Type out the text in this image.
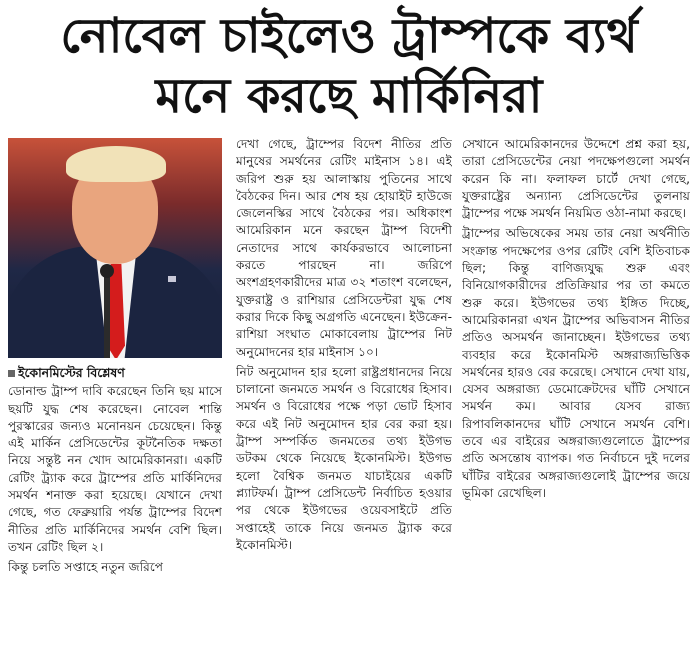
নোবেল চাইলেও ট্রাম্পকে ব্যর্থ
মনে করছে মার্কিনিরা

ইকোনমিস্টের বিশ্লেষণ

ডোনাল্ড ট্রাম্প দাবি করেছেন তিনি ছয় মাসে ছয়টি যুদ্ধ শেষ করেছেন। নোবেল শান্তি পুরস্কারের জন্যও মনোনয়ন চেয়েছেন। কিন্তু এই মার্কিন প্রেসিডেন্টের কূটনৈতিক দক্ষতা নিয়ে সন্তুষ্ট নন খোদ আমেরিকানরা। একটি রেটিং ট্র্যাক করে ট্রাম্পের প্রতি মার্কিনিদের সমর্থন শনাক্ত করা হয়েছে। যেখানে দেখা গেছে, গত ফেব্রুয়ারি পর্যন্ত ট্রাম্পের বিদেশ নীতির প্রতি মার্কিনিদের সমর্থন বেশি ছিল। তখন রেটিং ছিল ২।

কিন্তু চলতি সপ্তাহে নতুন জরিপে

দেখা গেছে, ট্রাম্পের বিদেশ নীতির প্রতি মানুষের সমর্থনের রেটিং মাইনাস ১৪। এই জরিপ শুরু হয় আলাস্কায় পুতিনের সাথে বৈঠকের দিন। আর শেষ হয় হোয়াইট হাউজে জেলেনস্কির সাথে বৈঠকের পর। অধিকাংশ আমেরিকান মনে করছেন ট্রাম্প বিদেশী নেতাদের সাথে কার্যকরভাবে আলোচনা করতে পারছেন না। জরিপে অংশগ্রহণকারীদের মাত্র ৩২ শতাংশ বলেছেন, যুক্তরাষ্ট্র ও রাশিয়ার প্রেসিডেন্টরা যুদ্ধ শেষ করার দিকে কিছু অগ্রগতি এনেছেন। ইউক্রেন-রাশিয়া সংঘাত মোকাবেলায় ট্রাম্পের নিট অনুমোদনের হার মাইনাস ১০।

নিট অনুমোদন হার হলো রাষ্ট্রপ্রধানদের নিয়ে চালানো জনমতে সমর্থন ও বিরোধের হিসাব। সমর্থন ও বিরোধের পক্ষে পড়া ভোট হিসাব করে এই নিট অনুমোদন হার বের করা হয়। ট্রাম্প সম্পর্কিত জনমতের তথ্য ইউগভ ডটকম থেকে নিয়েছে ইকোনমিস্ট। ইউগভ হলো বৈশ্বিক জনমত যাচাইয়ের একটি প্ল্যাটফর্ম। ট্রাম্প প্রেসিডেন্ট নির্বাচিত হওয়ার পর থেকে ইউগভের ওয়েবসাইটে প্রতি সপ্তাহেই তাকে নিয়ে জনমত ট্র্যাক করে ইকোনমিস্ট।

সেখানে আমেরিকানদের উদ্দেশে প্রশ্ন করা হয়, তারা প্রেসিডেন্টের নেয়া পদক্ষেপগুলো সমর্থন করেন কি না। ফলাফল চার্টে দেখা গেছে, যুক্তরাষ্ট্রের অন্যান্য প্রেসিডেন্টের তুলনায় ট্রাম্পের পক্ষে সমর্থন নিয়মিত ওঠা-নামা করছে।

ট্রাম্পের অভিষেকের সময় তার নেয়া অর্থনীতি সংক্রান্ত পদক্ষেপের ওপর রেটিং বেশি ইতিবাচক ছিল; কিন্তু বাণিজ্যযুদ্ধ শুরু এবং বিনিয়োগকারীদের প্রতিক্রিয়ার পর তা কমতে শুরু করে। ইউগভের তথ্য ইঙ্গিত দিচ্ছে, আমেরিকানরা এখন ট্রাম্পের অভিবাসন নীতির প্রতিও অসমর্থন জানাচ্ছেন। ইউগভের তথ্য ব্যবহার করে ইকোনমিস্ট অঙ্গরাজ্যভিত্তিক সমর্থনের হারও বের করেছে। সেখানে দেখা যায়, যেসব অঙ্গরাজ্য ডেমোক্রেটদের ঘাঁটি সেখানে সমর্থন কম। আবার যেসব রাজ্য রিপাবলিকানদের ঘাঁটি সেখানে সমর্থন বেশি। তবে এর বাইরের অঙ্গরাজ্যগুলোতে ট্রাম্পের প্রতি অসন্তোষ ব্যাপক। গত নির্বাচনে দুই দলের ঘাঁটির বাইরের অঙ্গরাজ্যগুলোই ট্রাম্পের জয়ে ভূমিকা রেখেছিল।
